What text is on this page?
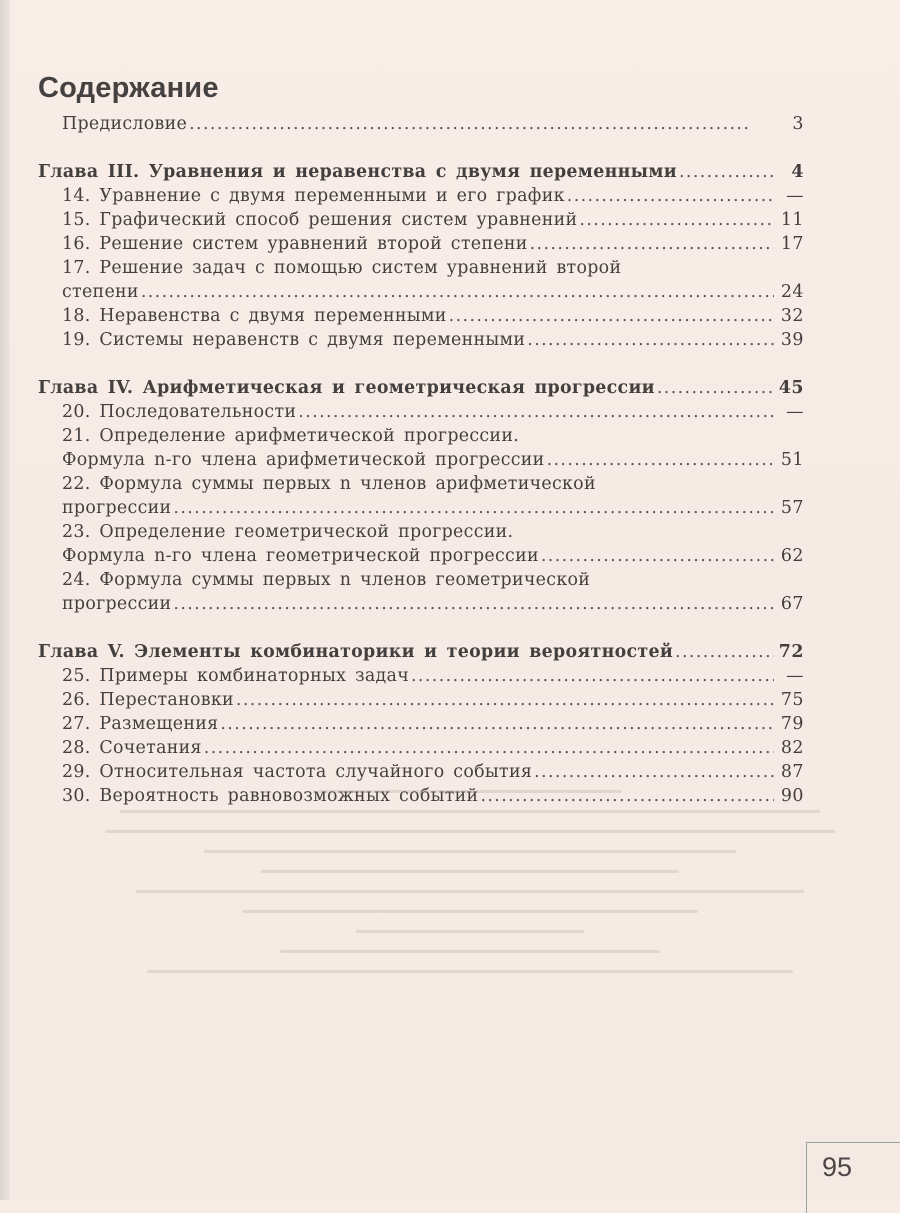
Содержание
Предисловие .....	3
Глава III. Уравнения и неравенства с двумя переменными .....	4
14. Уравнение с двумя переменными и его график .....	—
15. Графический способ решения систем уравнений .....	11
16. Решение систем уравнений второй степени .....	17
17. Решение задач с помощью систем уравнений второй
степени .....	24
18. Неравенства с двумя переменными .....	32
19. Системы неравенств с двумя переменными .....	39
Глава IV. Арифметическая и геометрическая прогрессии .....	45
20. Последовательности .....	—
21. Определение арифметической прогрессии.
Формула n-го члена арифметической прогрессии .....	51
22. Формула суммы первых n членов арифметической
прогрессии .....	57
23. Определение геометрической прогрессии.
Формула n-го члена геометрической прогрессии .....	62
24. Формула суммы первых n членов геометрической
прогрессии .....	67
Глава V. Элементы комбинаторики и теории вероятностей .....	72
25. Примеры комбинаторных задач .....	—
26. Перестановки .....	75
27. Размещения .....	79
28. Сочетания .....	82
29. Относительная частота случайного события .....	87
30. Вероятность равновозможных событий .....	90
95
